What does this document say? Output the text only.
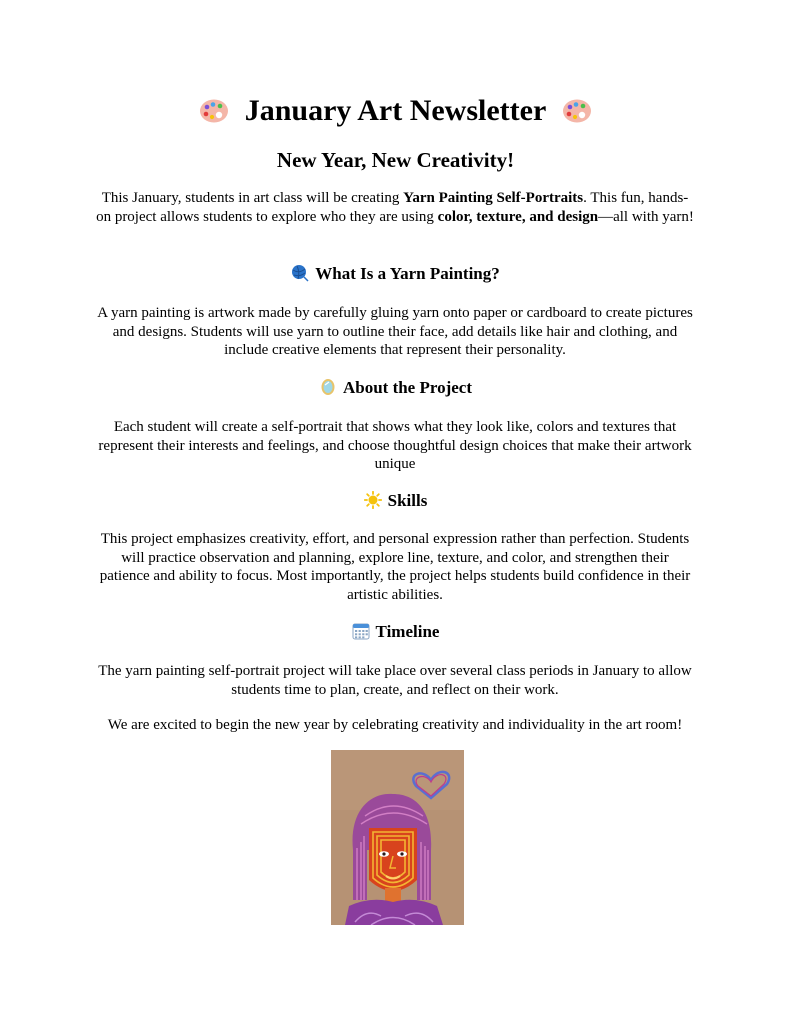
January Art Newsletter
New Year, New Creativity!
This January, students in art class will be creating Yarn Painting Self-Portraits. This fun, hands-on project allows students to explore who they are using color, texture, and design—all with yarn!
What Is a Yarn Painting?
A yarn painting is artwork made by carefully gluing yarn onto paper or cardboard to create pictures and designs. Students will use yarn to outline their face, add details like hair and clothing, and include creative elements that represent their personality.
About the Project
Each student will create a self-portrait that shows what they look like, colors and textures that represent their interests and feelings, and choose thoughtful design choices that make their artwork unique
Skills
This project emphasizes creativity, effort, and personal expression rather than perfection. Students will practice observation and planning, explore line, texture, and color, and strengthen their patience and ability to focus. Most importantly, the project helps students build confidence in their artistic abilities.
Timeline
The yarn painting self-portrait project will take place over several class periods in January to allow students time to plan, create, and reflect on their work.
We are excited to begin the new year by celebrating creativity and individuality in the art room!
